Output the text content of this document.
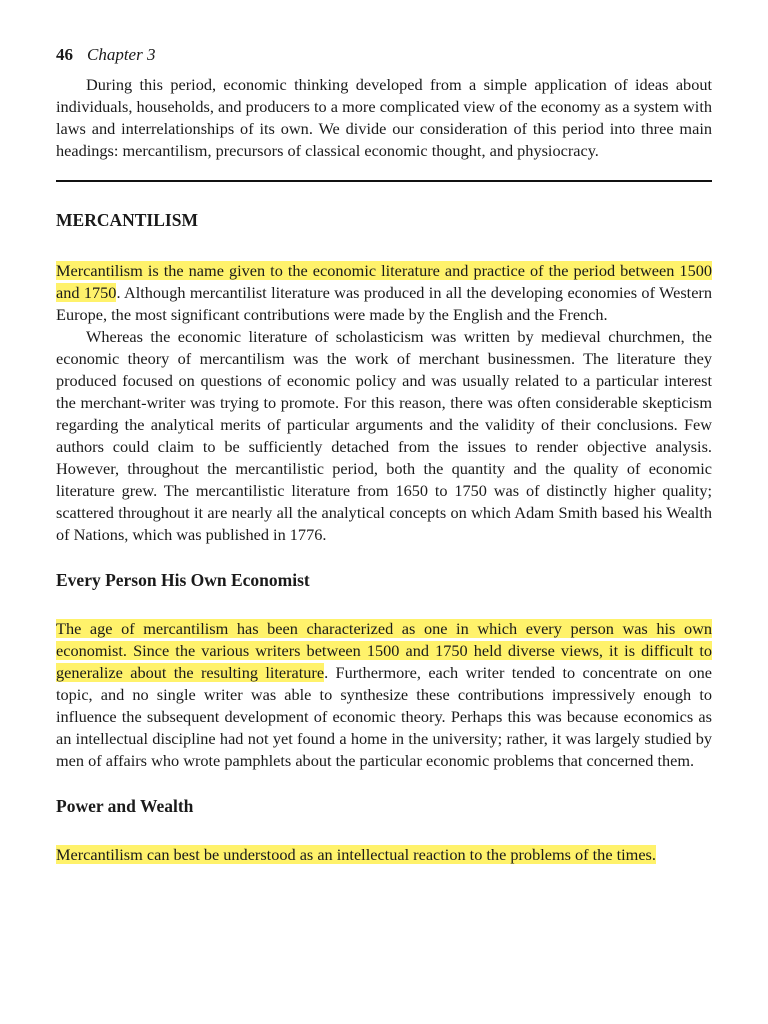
46 Chapter 3

During this period, economic thinking developed from a simple application of ideas about individuals, households, and producers to a more complicated view of the economy as a system with laws and interrelationships of its own. We divide our consideration of this period into three main headings: mercantilism, precursors of classical economic thought, and physiocracy.

MERCANTILISM

Mercantilism is the name given to the economic literature and practice of the period between 1500 and 1750. Although mercantilist literature was produced in all the developing economies of Western Europe, the most significant contributions were made by the English and the French.

Whereas the economic literature of scholasticism was written by medieval churchmen, the economic theory of mercantilism was the work of merchant businessmen. The literature they produced focused on questions of economic policy and was usually related to a particular interest the merchant-writer was trying to promote. For this reason, there was often considerable skepticism regarding the analytical merits of particular arguments and the validity of their conclusions. Few authors could claim to be sufficiently detached from the issues to render objective analysis. However, throughout the mercantilistic period, both the quantity and the quality of economic literature grew. The mercantilistic literature from 1650 to 1750 was of distinctly higher quality; scattered throughout it are nearly all the analytical concepts on which Adam Smith based his Wealth of Nations, which was published in 1776.

Every Person His Own Economist

The age of mercantilism has been characterized as one in which every person was his own economist. Since the various writers between 1500 and 1750 held diverse views, it is difficult to generalize about the resulting literature. Furthermore, each writer tended to concentrate on one topic, and no single writer was able to synthesize these contributions impressively enough to influence the subsequent development of economic theory. Perhaps this was because economics as an intellectual discipline had not yet found a home in the university; rather, it was largely studied by men of affairs who wrote pamphlets about the particular economic problems that concerned them.

Power and Wealth

Mercantilism can best be understood as an intellectual reaction to the problems of the times.
